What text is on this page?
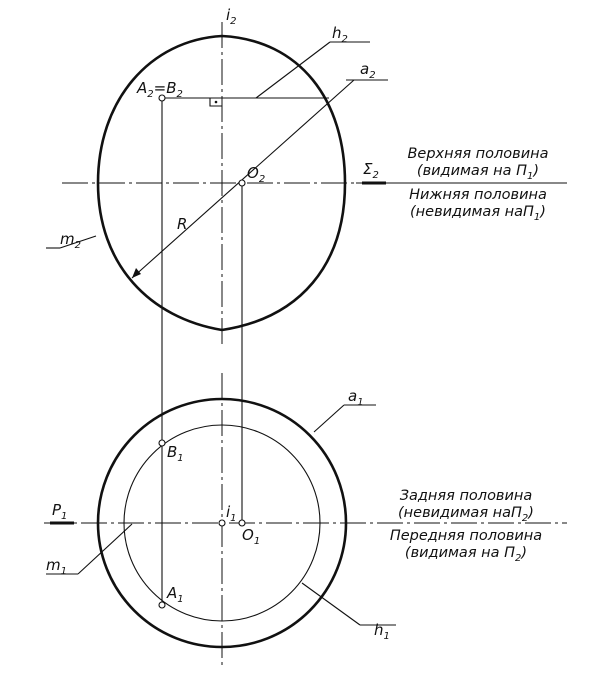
$i_2$
$h_2$
$a_2$
$A_2=B_2$
$O_2$
$\Sigma_2$
R
$m_2$
$a_1$
$B_1$
$P_1$	$i_1$
$O_1$
$m_1$
$A_1$
$h_1$
Верхняя половина
(видимая на $П_1$)
Нижняя половина
(невидимая наП$_1$)
Задняя половина
(невидимая наП$_2$)
Передняя половина
(видимая на $П_2$)
